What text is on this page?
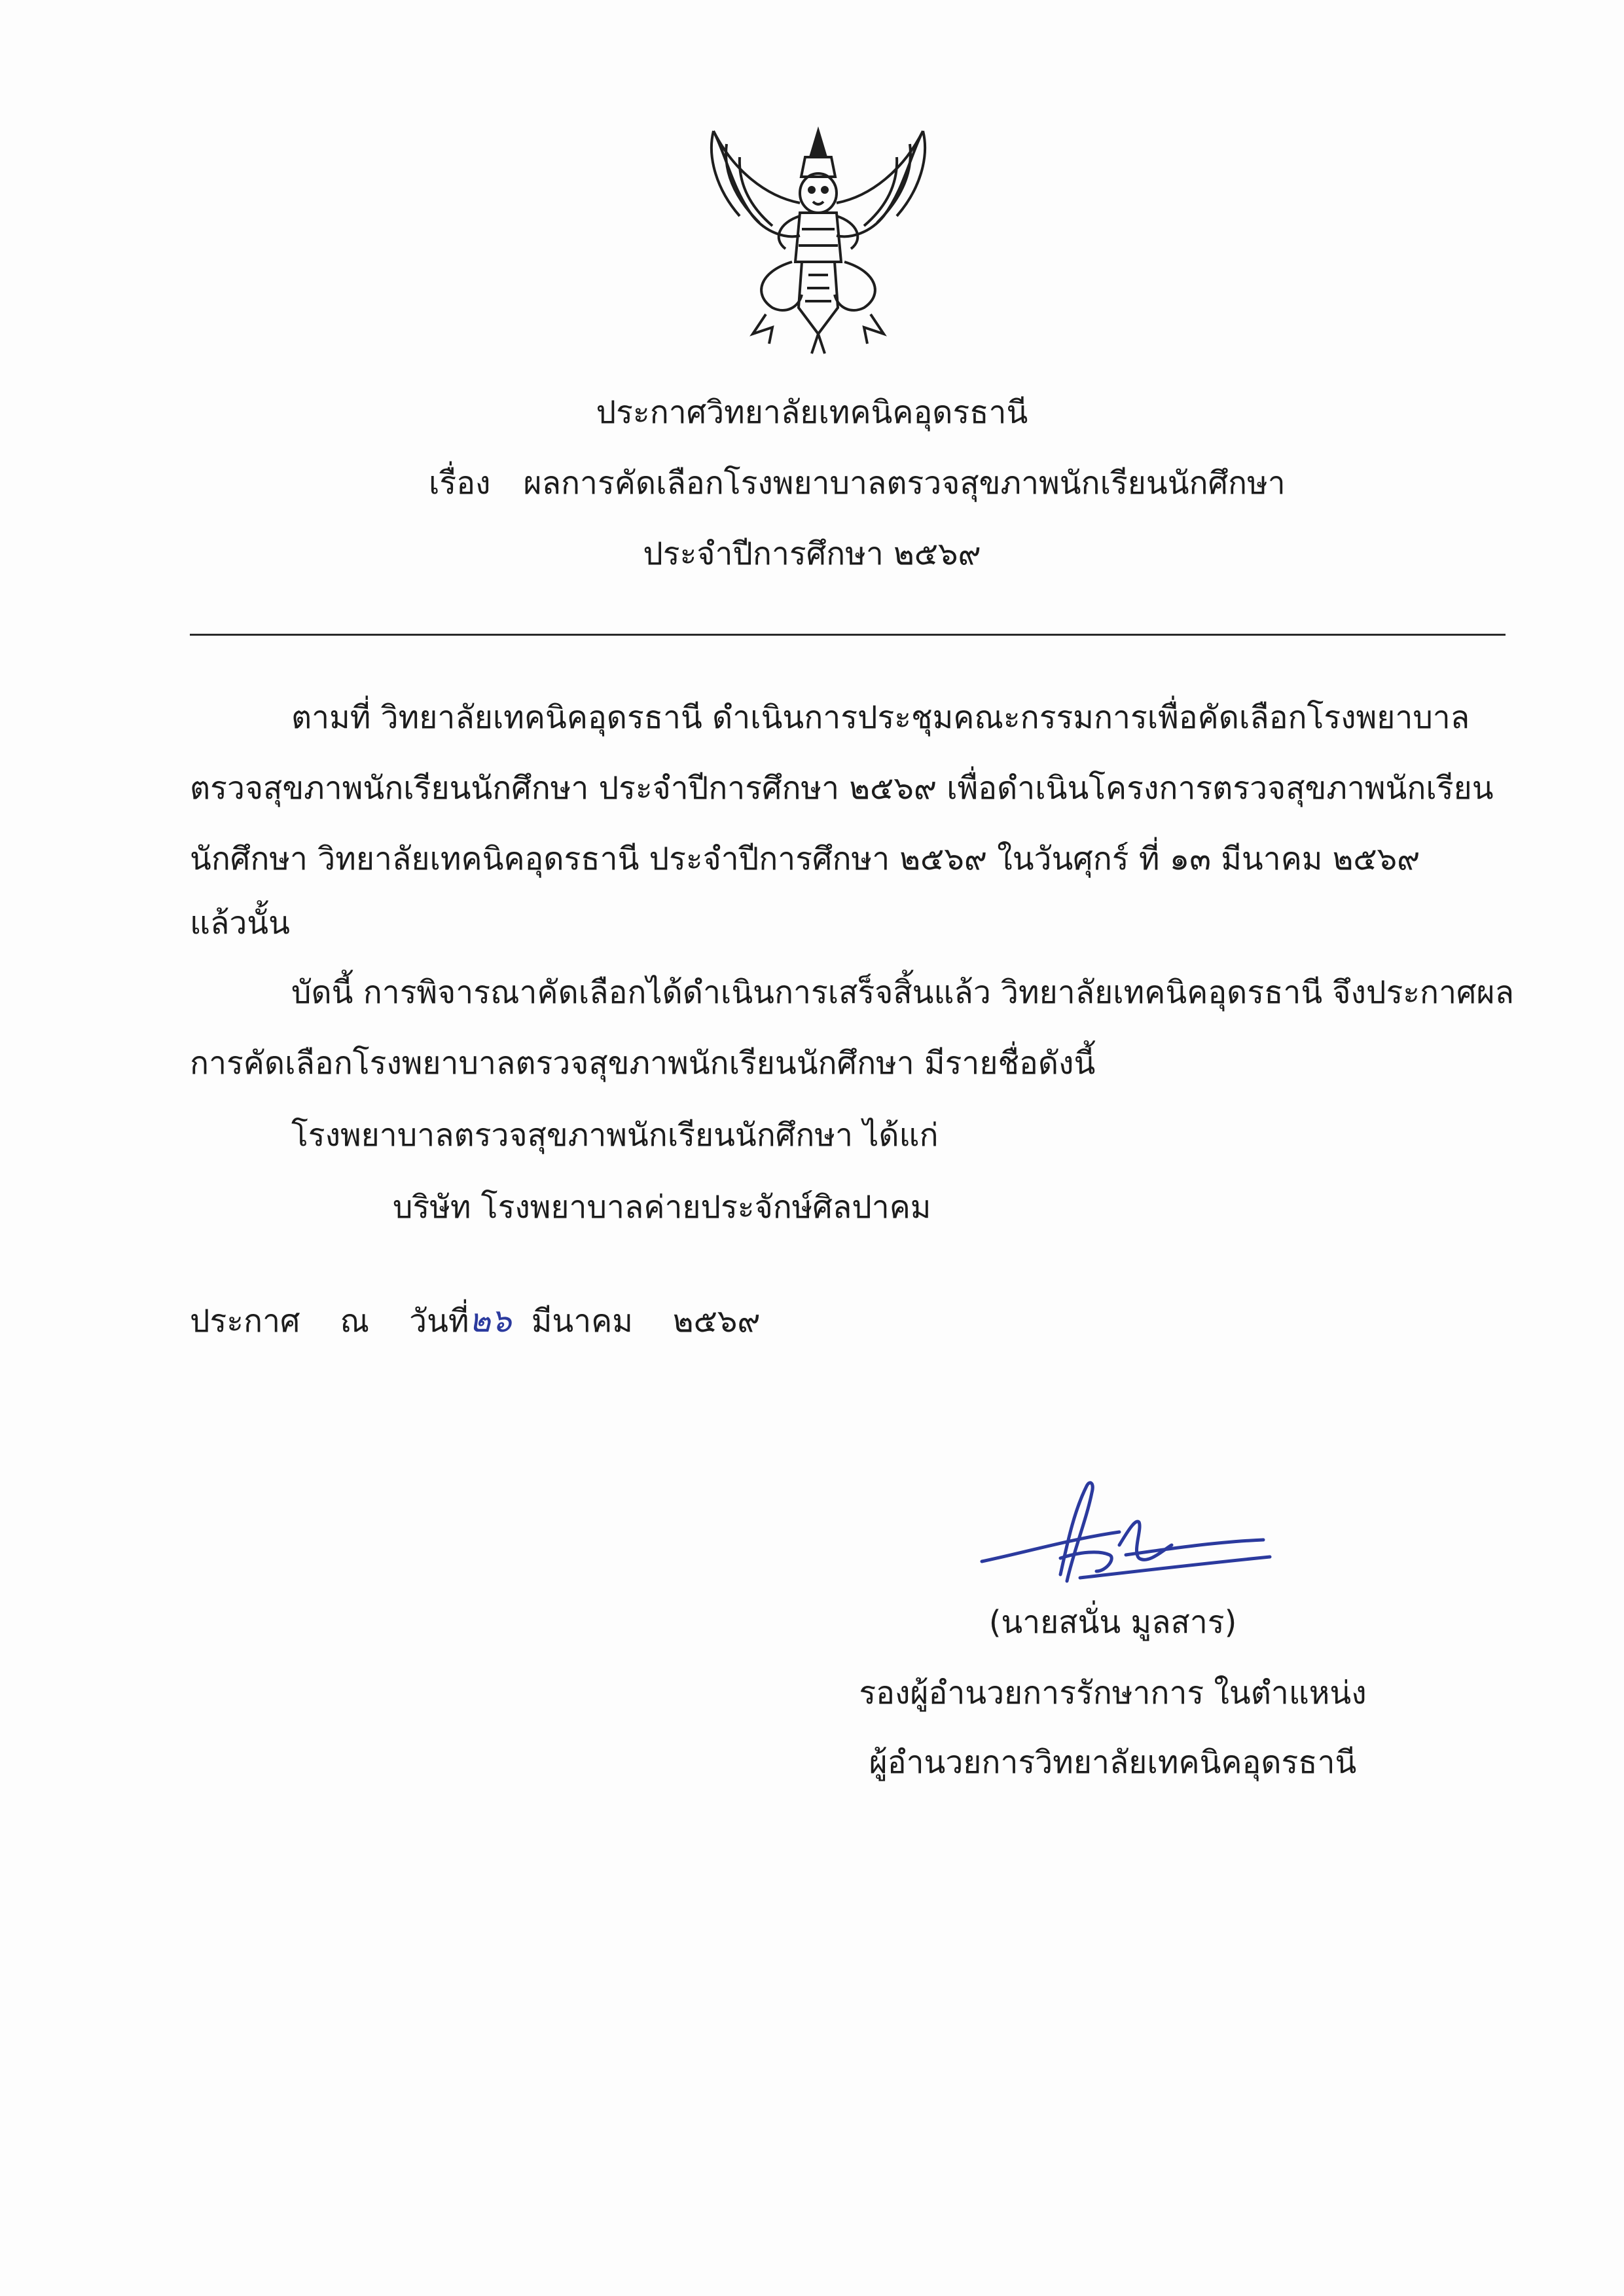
ประกาศวิทยาลัยเทคนิคอุดรธานี
เรื่อง ผลการคัดเลือกโรงพยาบาลตรวจสุขภาพนักเรียนนักศึกษา
ประจำปีการศึกษา ๒๕๖๙
ตามที่ วิทยาลัยเทคนิคอุดรธานี ดำเนินการประชุมคณะกรรมการเพื่อคัดเลือกโรงพยาบาล
ตรวจสุขภาพนักเรียนนักศึกษา ประจำปีการศึกษา ๒๕๖๙ เพื่อดำเนินโครงการตรวจสุขภาพนักเรียน
นักศึกษา วิทยาลัยเทคนิคอุดรธานี ประจำปีการศึกษา ๒๕๖๙ ในวันศุกร์ ที่ ๑๓ มีนาคม ๒๕๖๙
แล้วนั้น
บัดนี้ การพิจารณาคัดเลือกได้ดำเนินการเสร็จสิ้นแล้ว วิทยาลัยเทคนิคอุดรธานี จึงประกาศผล
การคัดเลือกโรงพยาบาลตรวจสุขภาพนักเรียนนักศึกษา มีรายชื่อดังนี้
โรงพยาบาลตรวจสุขภาพนักเรียนนักศึกษา ได้แก่
บริษัท โรงพยาบาลค่ายประจักษ์ศิลปาคม
ประกาศ ณ วันที่๒๖ มีนาคม ๒๕๖๙
(นายสนั่น มูลสาร)
รองผู้อำนวยการรักษาการ ในตำแหน่ง
ผู้อำนวยการวิทยาลัยเทคนิคอุดรธานี
